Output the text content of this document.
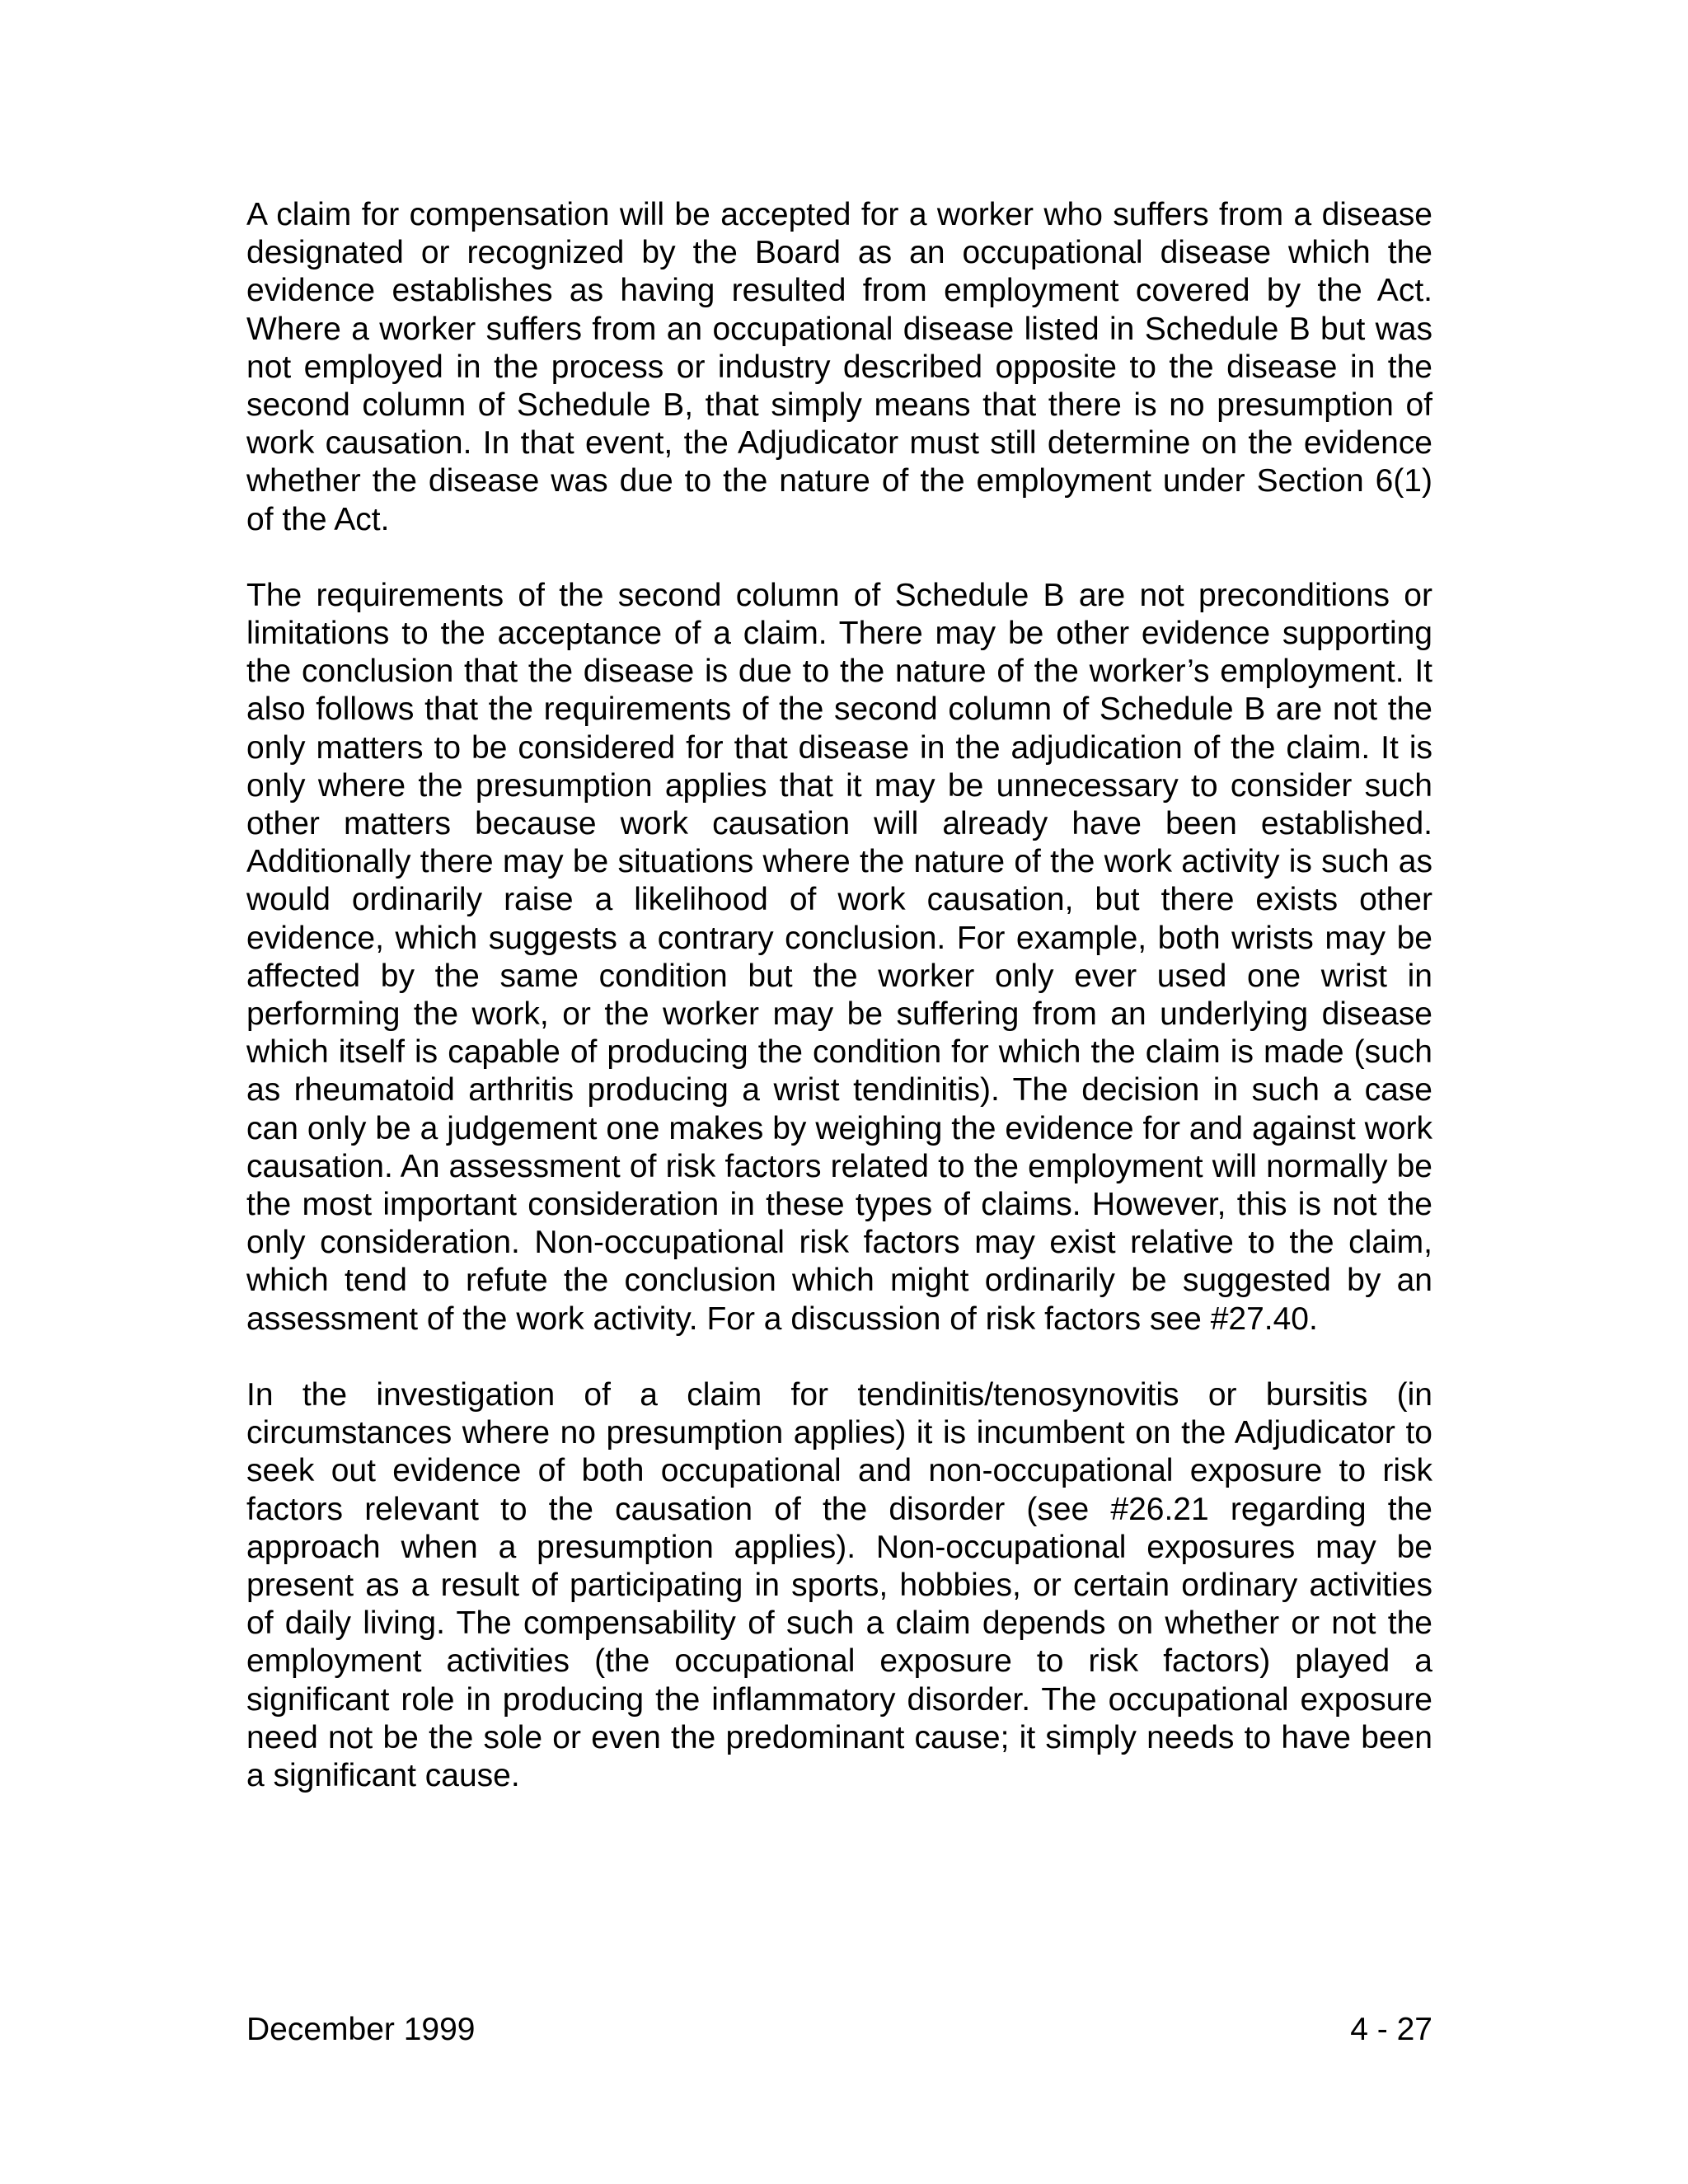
A claim for compensation will be accepted for a worker who suffers from a disease designated or recognized by the Board as an occupational disease which the evidence establishes as having resulted from employment covered by the Act. Where a worker suffers from an occupational disease listed in Schedule B but was not employed in the process or industry described opposite to the disease in the second column of Schedule B, that simply means that there is no presumption of work causation. In that event, the Adjudicator must still determine on the evidence whether the disease was due to the nature of the employment under Section 6(1) of the Act.

The requirements of the second column of Schedule B are not preconditions or limitations to the acceptance of a claim. There may be other evidence supporting the conclusion that the disease is due to the nature of the worker’s employment. It also follows that the requirements of the second column of Schedule B are not the only matters to be considered for that disease in the adjudication of the claim. It is only where the presumption applies that it may be unnecessary to consider such other matters because work causation will already have been established. Additionally there may be situations where the nature of the work activity is such as would ordinarily raise a likelihood of work causation, but there exists other evidence, which suggests a contrary conclusion. For example, both wrists may be affected by the same condition but the worker only ever used one wrist in performing the work, or the worker may be suffering from an underlying disease which itself is capable of producing the condition for which the claim is made (such as rheumatoid arthritis producing a wrist tendinitis). The decision in such a case can only be a judgement one makes by weighing the evidence for and against work causation. An assessment of risk factors related to the employment will normally be the most important consideration in these types of claims. However, this is not the only consideration. Non-occupational risk factors may exist relative to the claim, which tend to refute the conclusion which might ordinarily be suggested by an assessment of the work activity. For a discussion of risk factors see #27.40.

In the investigation of a claim for tendinitis/tenosynovitis or bursitis (in circumstances where no presumption applies) it is incumbent on the Adjudicator to seek out evidence of both occupational and non-occupational exposure to risk factors relevant to the causation of the disorder (see #26.21 regarding the approach when a presumption applies). Non-occupational exposures may be present as a result of participating in sports, hobbies, or certain ordinary activities of daily living. The compensability of such a claim depends on whether or not the employment activities (the occupational exposure to risk factors) played a significant role in producing the inflammatory disorder. The occupational exposure need not be the sole or even the predominant cause; it simply needs to have been a significant cause.

December 1999	4 - 27
